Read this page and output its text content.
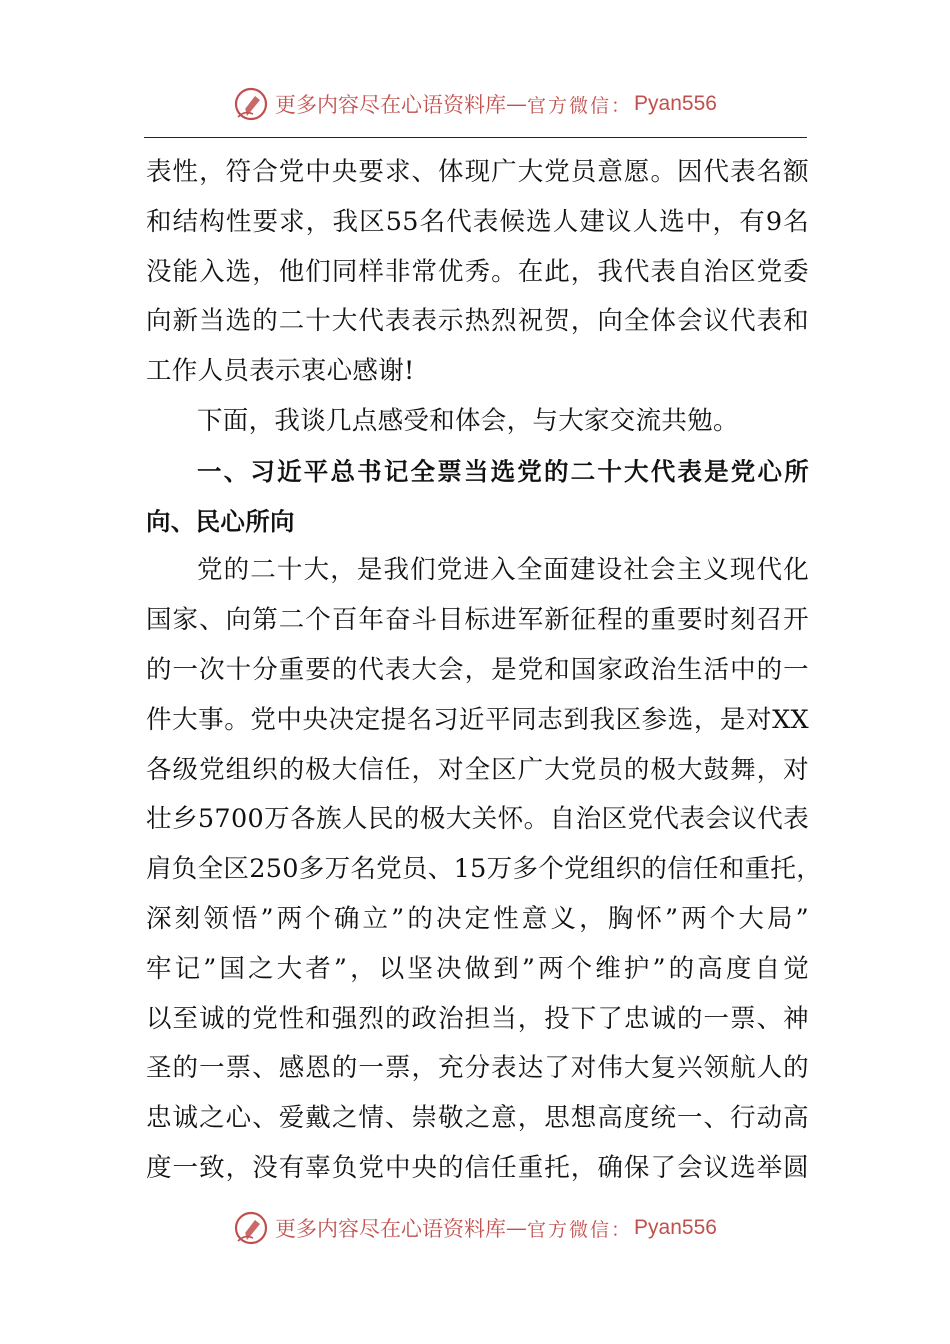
更多内容尽在心语资料库 — 官方微信： Pyan556
表性，符合党中央要求、体现广大党员意愿。因代表名额
和结构性要求，我区55名代表候选人建议人选中，有9名
没能入选，他们同样非常优秀。在此，我代表自治区党委
向新当选的二十大代表表示热烈祝贺，向全体会议代表和
工作人员表示衷心感谢!
下面，我谈几点感受和体会，与大家交流共勉。
一、习近平总书记全票当选党的二十大代表是党心所
向、民心所向
党的二十大，是我们党进入全面建设社会主义现代化
国家、向第二个百年奋斗目标进军新征程的重要时刻召开
的一次十分重要的代表大会，是党和国家政治生活中的一
件大事。党中央决定提名习近平同志到我区参选，是对XX
各级党组织的极大信任，对全区广大党员的极大鼓舞，对
壮乡5700万各族人民的极大关怀。自治区党代表会议代表
肩负全区250多万名党员、15万多个党组织的信任和重托，
深刻领悟”两个确立”的决定性意义，胸怀”两个大局”
牢记”国之大者”，以坚决做到”两个维护”的高度自觉
以至诚的党性和强烈的政治担当，投下了忠诚的一票、神
圣的一票、感恩的一票，充分表达了对伟大复兴领航人的
忠诚之心、爱戴之情、崇敬之意，思想高度统一、行动高
度一致，没有辜负党中央的信任重托，确保了会议选举圆
更多内容尽在心语资料库 — 官方微信： Pyan556
